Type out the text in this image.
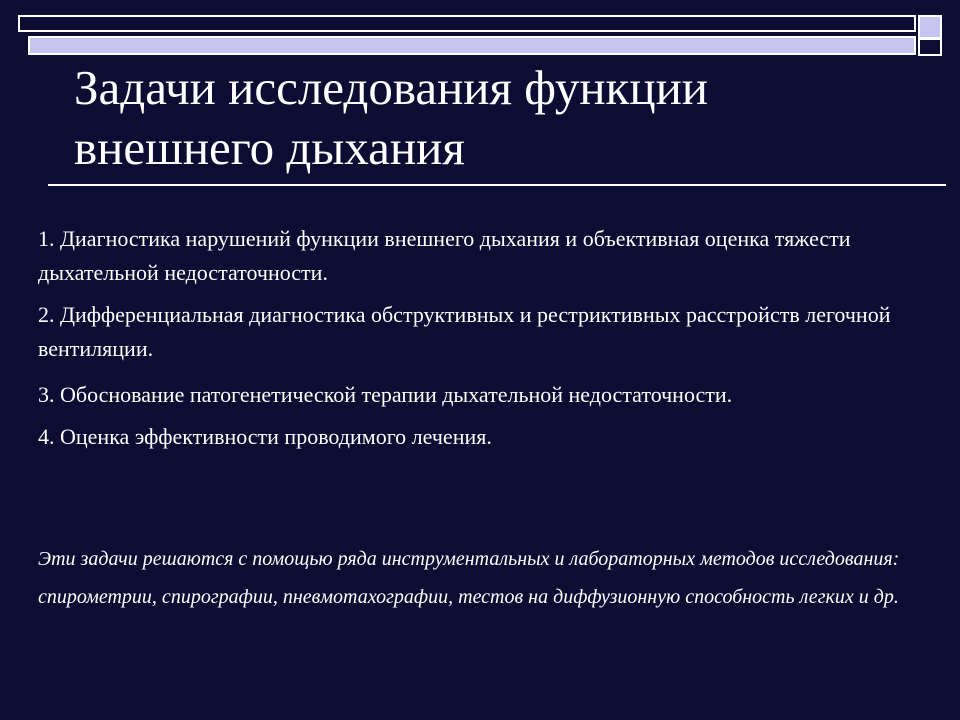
Задачи исследования функции внешнего дыхания
1. Диагностика нарушений функции внешнего дыхания и объективная оценка тяжести дыхательной недостаточности.
2. Дифференциальная диагностика обструктивных и рестриктивных расстройств легочной вентиляции.
3. Обоснование патогенетической терапии дыхательной недостаточности.
4. Оценка эффективности проводимого лечения.

Эти задачи решаются с помощью ряда инструментальных и лабораторных методов исследования: спирометрии, спирографии, пневмотахографии, тестов на диффузионную способность легких и др.
